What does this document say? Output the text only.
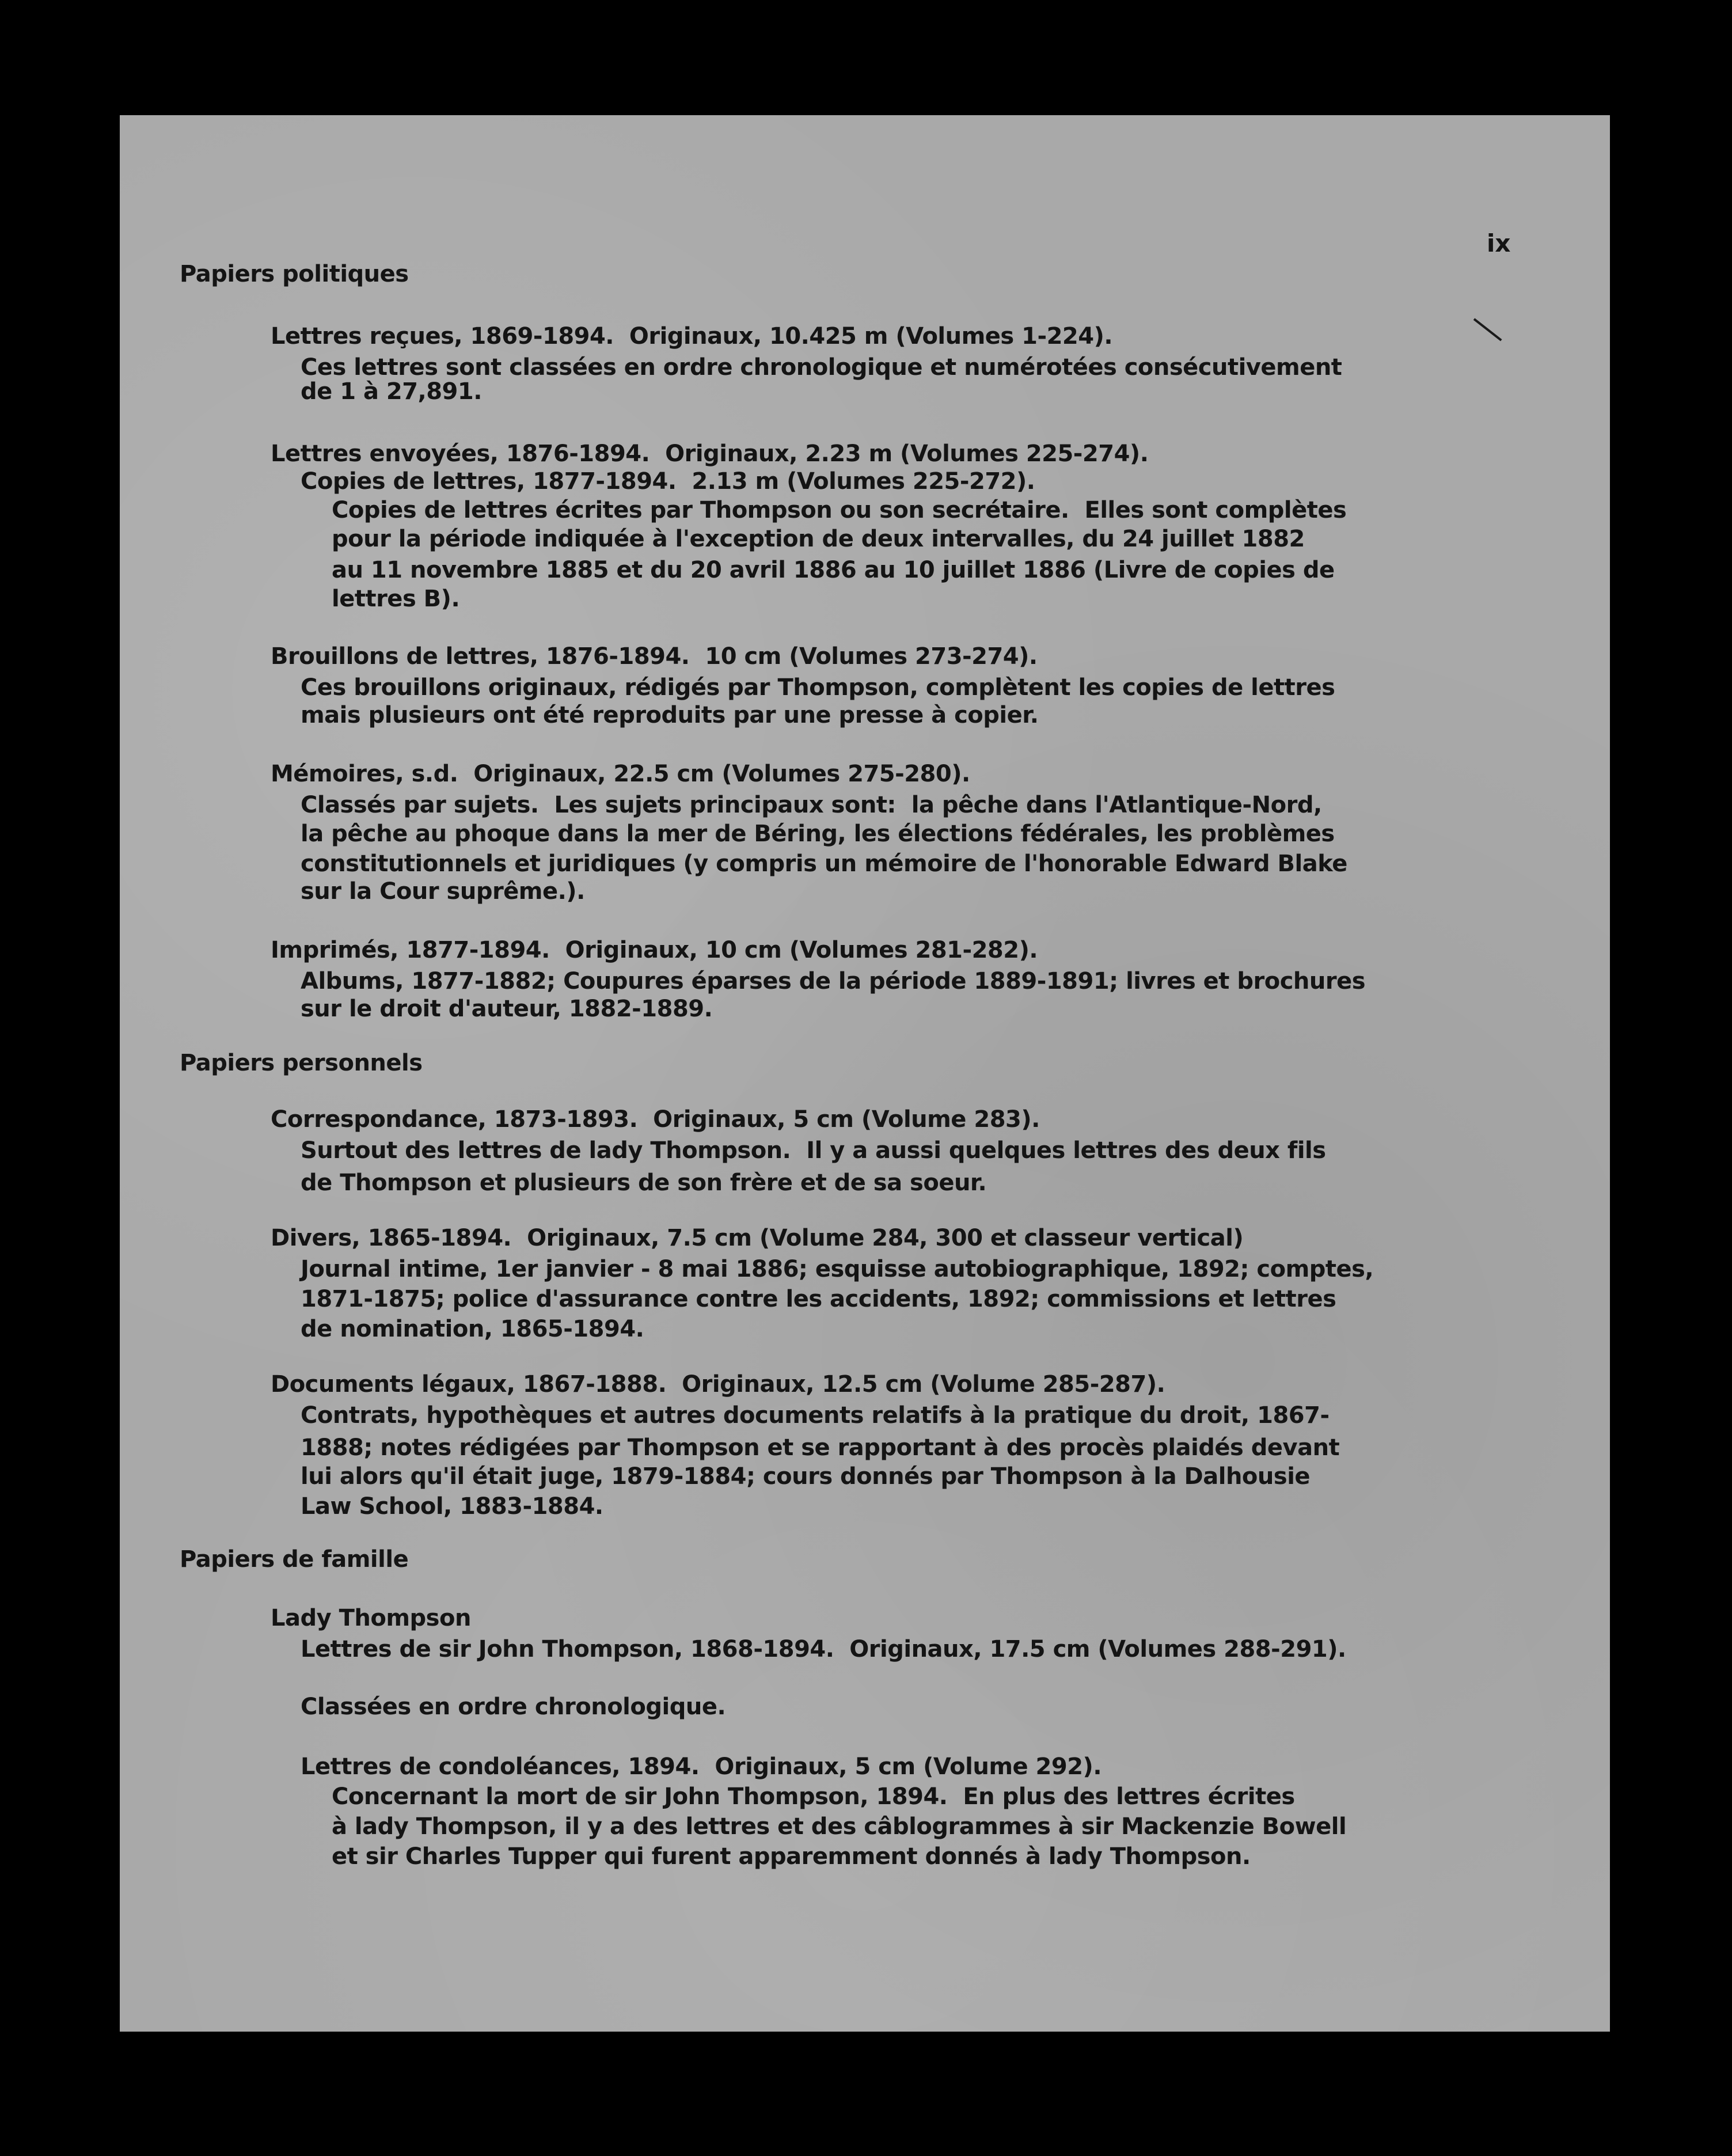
ix

Papiers politiques

Lettres reçues, 1869-1894.  Originaux, 10.425 m (Volumes 1-224).

Ces lettres sont classées en ordre chronologique et numérotées consécutivement

de 1 à 27,891.

Lettres envoyées, 1876-1894.  Originaux, 2.23 m (Volumes 225-274).

Copies de lettres, 1877-1894.  2.13 m (Volumes 225-272).

Copies de lettres écrites par Thompson ou son secrétaire.  Elles sont complètes

pour la période indiquée à l'exception de deux intervalles, du 24 juillet 1882

au 11 novembre 1885 et du 20 avril 1886 au 10 juillet 1886 (Livre de copies de

lettres B).

Brouillons de lettres, 1876-1894.  10 cm (Volumes 273-274).

Ces brouillons originaux, rédigés par Thompson, complètent les copies de lettres

mais plusieurs ont été reproduits par une presse à copier.

Mémoires, s.d.  Originaux, 22.5 cm (Volumes 275-280).

Classés par sujets.  Les sujets principaux sont:  la pêche dans l'Atlantique-Nord,

la pêche au phoque dans la mer de Béring, les élections fédérales, les problèmes

constitutionnels et juridiques (y compris un mémoire de l'honorable Edward Blake

sur la Cour suprême.).

Imprimés, 1877-1894.  Originaux, 10 cm (Volumes 281-282).

Albums, 1877-1882; Coupures éparses de la période 1889-1891; livres et brochures

sur le droit d'auteur, 1882-1889.

Papiers personnels

Correspondance, 1873-1893.  Originaux, 5 cm (Volume 283).

Surtout des lettres de lady Thompson.  Il y a aussi quelques lettres des deux fils

de Thompson et plusieurs de son frère et de sa soeur.

Divers, 1865-1894.  Originaux, 7.5 cm (Volume 284, 300 et classeur vertical)

Journal intime, 1er janvier - 8 mai 1886; esquisse autobiographique, 1892; comptes,

1871-1875; police d'assurance contre les accidents, 1892; commissions et lettres

de nomination, 1865-1894.

Documents légaux, 1867-1888.  Originaux, 12.5 cm (Volume 285-287).

Contrats, hypothèques et autres documents relatifs à la pratique du droit, 1867-

1888; notes rédigées par Thompson et se rapportant à des procès plaidés devant

lui alors qu'il était juge, 1879-1884; cours donnés par Thompson à la Dalhousie

Law School, 1883-1884.

Papiers de famille

Lady Thompson

Lettres de sir John Thompson, 1868-1894.  Originaux, 17.5 cm (Volumes 288-291).

Classées en ordre chronologique.

Lettres de condoléances, 1894.  Originaux, 5 cm (Volume 292).

Concernant la mort de sir John Thompson, 1894.  En plus des lettres écrites

à lady Thompson, il y a des lettres et des câblogrammes à sir Mackenzie Bowell

et sir Charles Tupper qui furent apparemment donnés à lady Thompson.
